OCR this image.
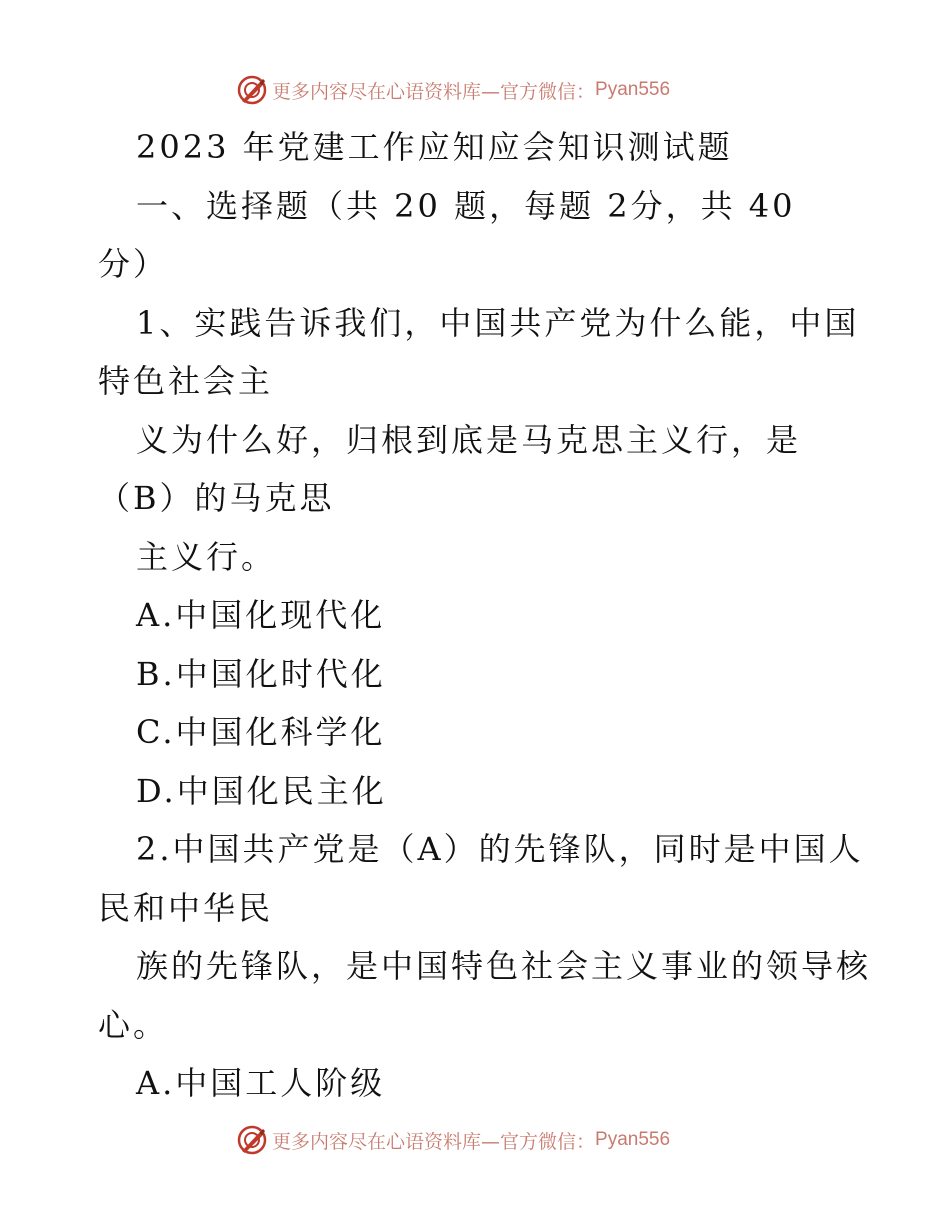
更多内容尽在心语资料库—官方微信： Pyan556
2023 年党建工作应知应会知识测试题
一、选择题（共 20 题，每题 2分，共 40
分）
1、实践告诉我们，中国共产党为什么能，中国
特色社会主
义为什么好，归根到底是马克思主义行，是
（B）的马克思
主义行。
A.中国化现代化
B.中国化时代化
C.中国化科学化
D.中国化民主化
2.中国共产党是（A）的先锋队，同时是中国人
民和中华民
族的先锋队，是中国特色社会主义事业的领导核
心。
A.中国工人阶级
更多内容尽在心语资料库—官方微信： Pyan556
